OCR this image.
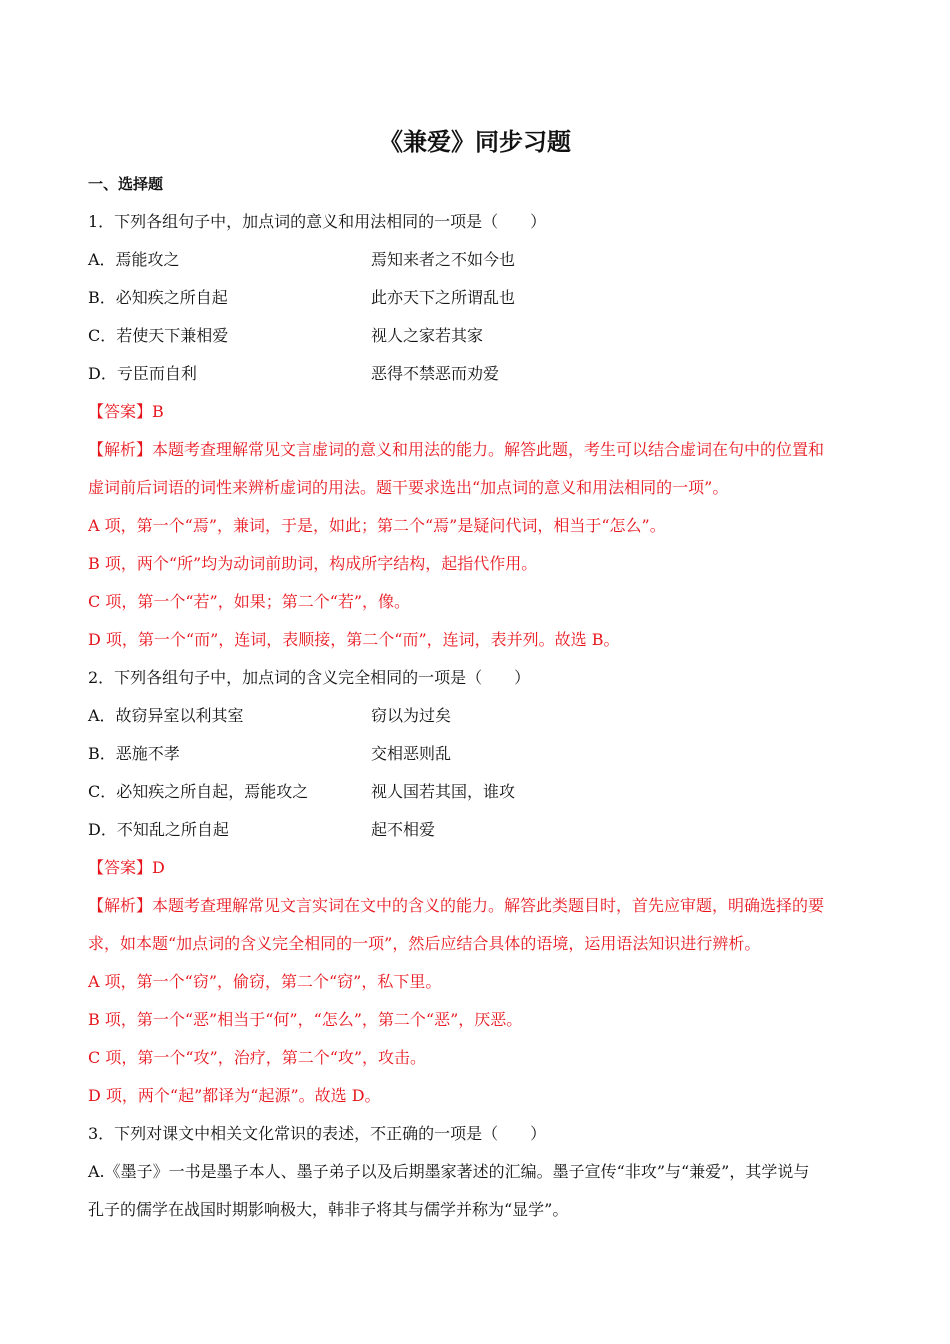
《兼爱》同步习题
一、选择题
1．下列各组句子中，加点词的意义和用法相同的一项是（　　）
A．焉能攻之	焉知来者之不如今也
B．必知疾之所自起	此亦天下之所谓乱也
C．若使天下兼相爱	视人之家若其家
D．亏臣而自利	恶得不禁恶而劝爱
【答案】B
【解析】本题考查理解常见文言虚词的意义和用法的能力。解答此题，考生可以结合虚词在句中的位置和
虚词前后词语的词性来辨析虚词的用法。题干要求选出“加点词的意义和用法相同的一项”。
A 项，第一个“焉”，兼词，于是，如此；第二个“焉”是疑问代词，相当于“怎么”。
B 项，两个“所”均为动词前助词，构成所字结构，起指代作用。
C 项，第一个“若”，如果；第二个“若”，像。
D 项，第一个“而”，连词，表顺接，第二个“而”，连词，表并列。故选 B。
2．下列各组句子中，加点词的含义完全相同的一项是（　　）
A．故窃异室以利其室	窃以为过矣
B．恶施不孝	交相恶则乱
C．必知疾之所自起，焉能攻之	视人国若其国，谁攻
D．不知乱之所自起	起不相爱
【答案】D
【解析】本题考查理解常见文言实词在文中的含义的能力。解答此类题目时，首先应审题，明确选择的要
求，如本题“加点词的含义完全相同的一项”，然后应结合具体的语境，运用语法知识进行辨析。
A 项，第一个“窃”，偷窃，第二个“窃”，私下里。
B 项，第一个“恶”相当于“何”，“怎么”，第二个“恶”，厌恶。
C 项，第一个“攻”，治疗，第二个“攻”，攻击。
D 项，两个“起”都译为“起源”。故选 D。
3．下列对课文中相关文化常识的表述，不正确的一项是（　　）
A.《墨子》一书是墨子本人、墨子弟子以及后期墨家著述的汇编。墨子宣传“非攻”与“兼爱”，其学说与
孔子的儒学在战国时期影响极大，韩非子将其与儒学并称为“显学”。
